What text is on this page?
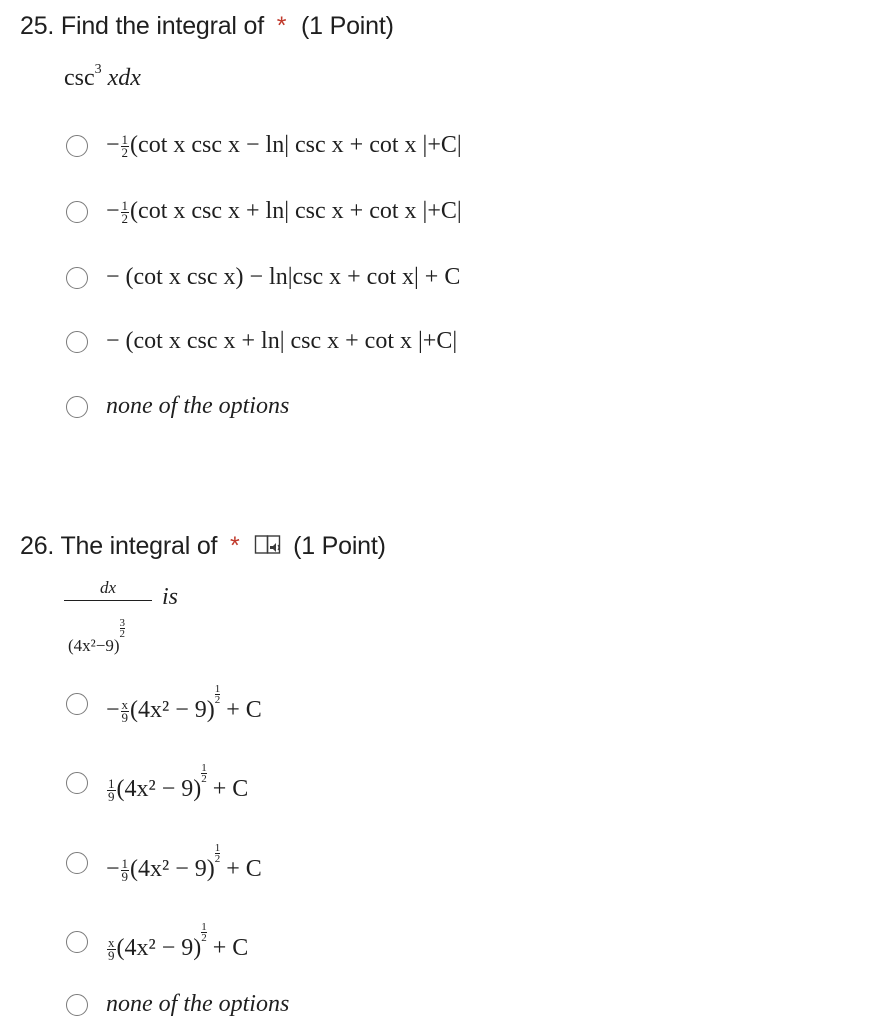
25. Find the integral of * (1 Point)
$\csc^3$ xdx
− $\frac{1}{2} (\cot$ x csc x − ln| csc x + cot x |+C|
− $\frac{1}{2} (\cot$ x csc x + ln| csc x + cot x |+C|
− (cot x csc x) − ln|csc x + cot x| + C
− (cot x csc x + ln| csc x + cot x |+C|
none of the options
26. The integral of * (1 Point)
dx
(4x²−9)
$\frac{3}{2}$
is
− $\frac{x}{9} (4x^2 - 9)$
$\frac{1}{2}$
+ C
$\frac{1}{9} (4x^2 - 9)$
$\frac{1}{2}$
+ C
− $\frac{1}{9} (4x^2 - 9)$
$\frac{1}{2}$
+ C
$\frac{x}{9} (4x^2 - 9)$
$\frac{1}{2}$
+ C
none of the options
